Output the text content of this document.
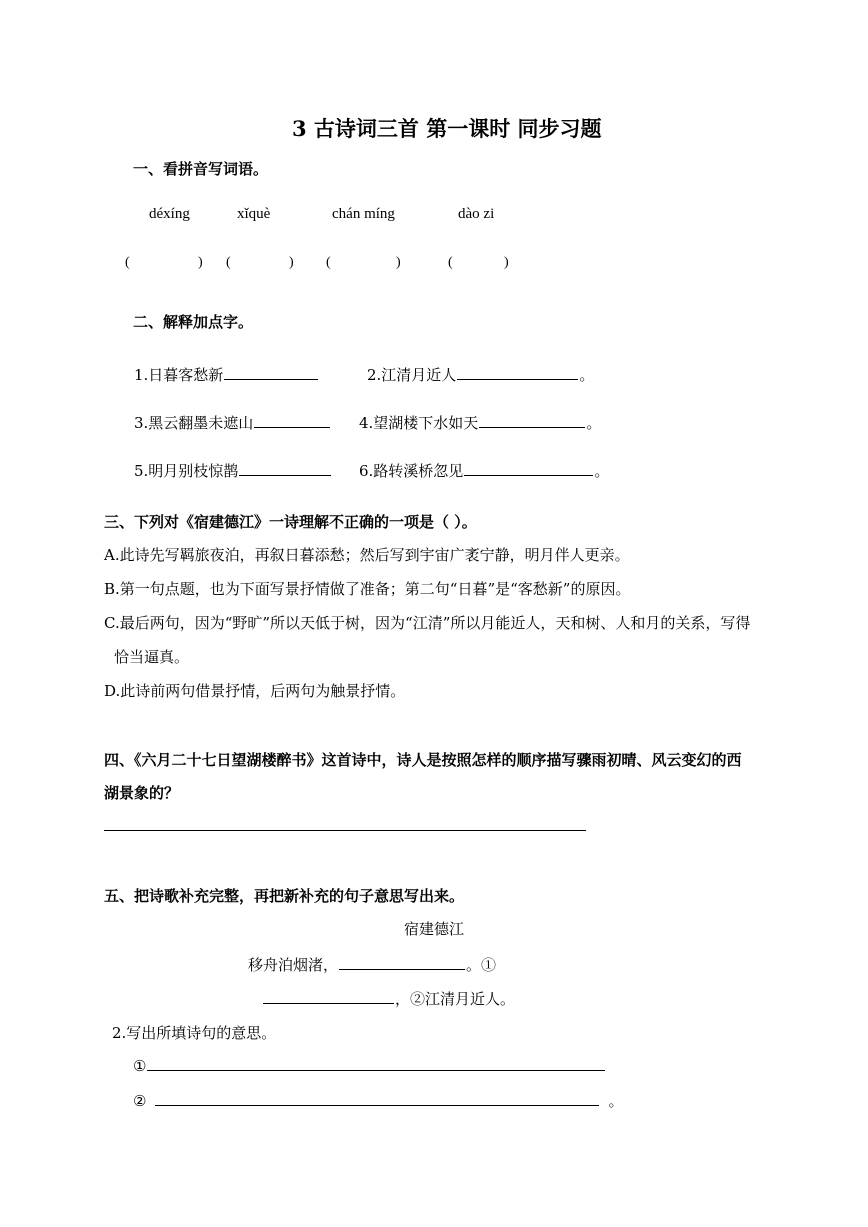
3 古诗词三首 第一课时 同步习题
一、看拼音写词语。
déxíng	xǐquè	chán míng	dào zi
(	) (	) (	)	(	)
二、解释加点字。
1.日暮客愁新	2.江清月近人	。
3.黑云翻墨未遮山	4.望湖楼下水如天	。
5.明月别枝惊鹊	6.路转溪桥忽见	。
三、下列对《宿建德江》一诗理解不正确的一项是（ ）。
A.此诗先写羁旅夜泊，再叙日暮添愁；然后写到宇宙广袤宁静，明月伴人更亲。
B.第一句点题，也为下面写景抒情做了准备；第二句“日暮”是“客愁新”的原因。
C.最后两句，因为“野旷”所以天低于树，因为“江清”所以月能近人，天和树、人和月的关系，写得
恰当逼真。
D.此诗前两句借景抒情，后两句为触景抒情。
四、《六月二十七日望湖楼醉书》这首诗中，诗人是按照怎样的顺序描写骤雨初晴、风云变幻的西
湖景象的？
五、把诗歌补充完整，再把新补充的句子意思写出来。
宿建德江
移舟泊烟渚，	。①
，②江清月近人。
2.写出所填诗句的意思。
①
②	。
